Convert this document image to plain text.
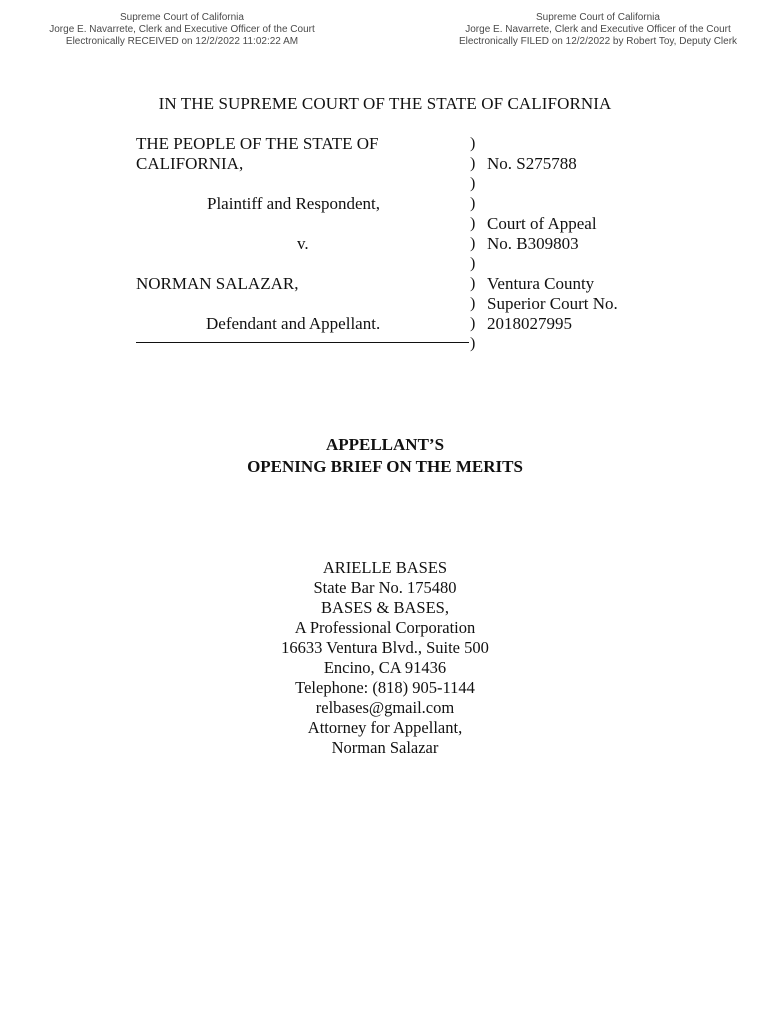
Supreme Court of California
Jorge E. Navarrete, Clerk and Executive Officer of the Court
Electronically RECEIVED on 12/2/2022 11:02:22 AM
Supreme Court of California
Jorge E. Navarrete, Clerk and Executive Officer of the Court
Electronically FILED on 12/2/2022 by Robert Toy, Deputy Clerk
IN THE SUPREME COURT OF THE STATE OF CALIFORNIA
THE PEOPLE OF THE STATE OF
CALIFORNIA,
Plaintiff and Respondent,
v.
NORMAN SALAZAR,
Defendant and Appellant.
)
)
)
)
)
)
)
)
)
)
)
No. S275788
Court of Appeal
No. B309803
Ventura County
Superior Court No.
2018027995
APPELLANT’S
OPENING BRIEF ON THE MERITS
ARIELLE BASES
State Bar No. 175480
BASES & BASES,
A Professional Corporation
16633 Ventura Blvd., Suite 500
Encino, CA 91436
Telephone: (818) 905-1144
relbases@gmail.com
Attorney for Appellant,
Norman Salazar
